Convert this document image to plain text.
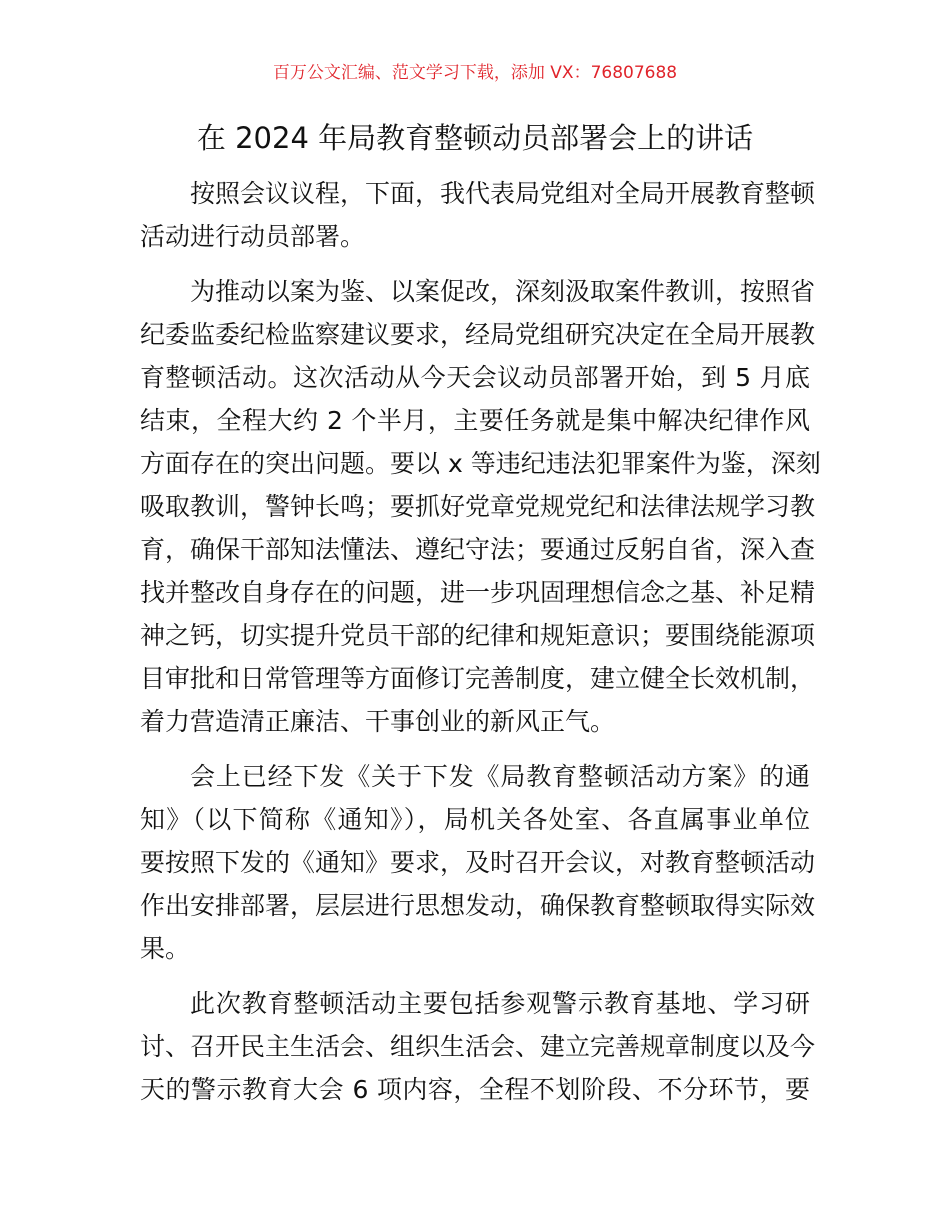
百万公文汇编、范文学习下载，添加 VX：76807688
在 2024 年局教育整顿动员部署会上的讲话
按照会议议程，下面，我代表局党组对全局开展教育整顿
活动进行动员部署。
为推动以案为鉴、以案促改，深刻汲取案件教训，按照省
纪委监委纪检监察建议要求，经局党组研究决定在全局开展教
育整顿活动。这次活动从今天会议动员部署开始，到 5 月底
结束，全程大约 2 个半月，主要任务就是集中解决纪律作风
方面存在的突出问题。要以 x 等违纪违法犯罪案件为鉴，深刻
吸取教训，警钟长鸣；要抓好党章党规党纪和法律法规学习教
育，确保干部知法懂法、遵纪守法；要通过反躬自省，深入查
找并整改自身存在的问题，进一步巩固理想信念之基、补足精
神之钙，切实提升党员干部的纪律和规矩意识；要围绕能源项
目审批和日常管理等方面修订完善制度，建立健全长效机制，
着力营造清正廉洁、干事创业的新风正气。
会上已经下发《关于下发《局教育整顿活动方案》的通
知》（以下简称《通知》），局机关各处室、各直属事业单位
要按照下发的《通知》要求，及时召开会议，对教育整顿活动
作出安排部署，层层进行思想发动，确保教育整顿取得实际效
果。
此次教育整顿活动主要包括参观警示教育基地、学习研
讨、召开民主生活会、组织生活会、建立完善规章制度以及今
天的警示教育大会 6 项内容，全程不划阶段、不分环节，要
